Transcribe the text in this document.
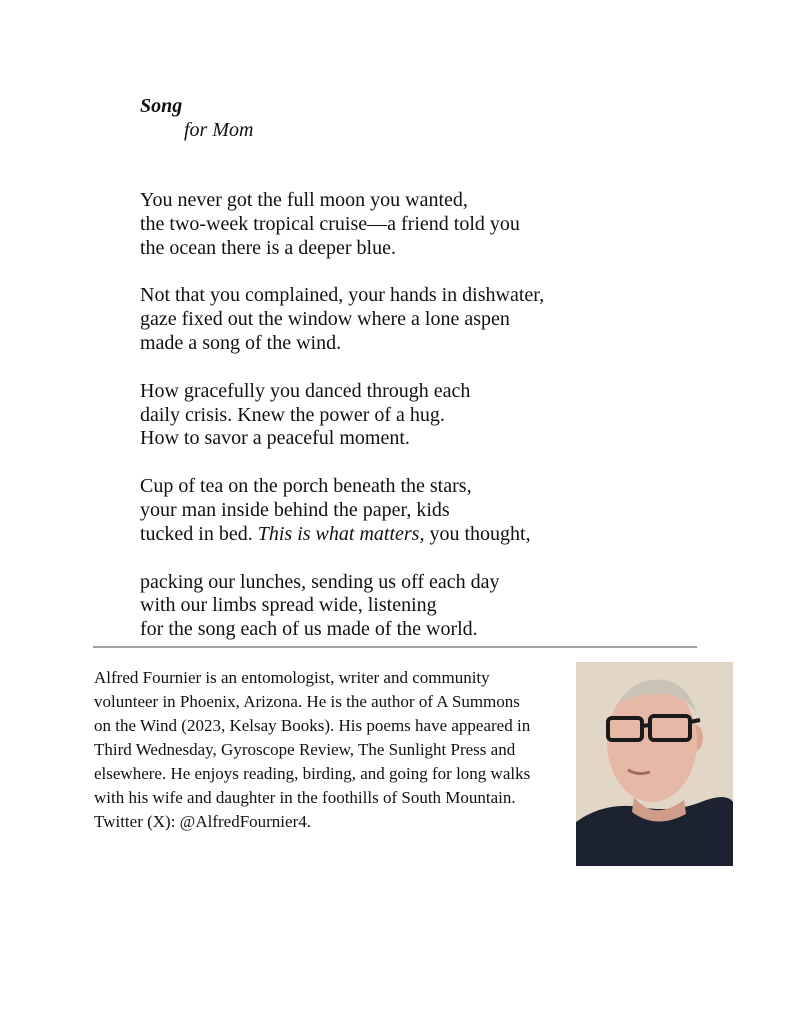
Song

for Mom

You never got the full moon you wanted,
the two-week tropical cruise—a friend told you
the ocean there is a deeper blue.
Not that you complained, your hands in dishwater,
gaze fixed out the window where a lone aspen
made a song of the wind.
How gracefully you danced through each
daily crisis. Knew the power of a hug.
How to savor a peaceful moment.
Cup of tea on the porch beneath the stars,
your man inside behind the paper, kids
tucked in bed. This is what matters, you thought,
packing our lunches, sending us off each day
with our limbs spread wide, listening
for the song each of us made of the world.

Alfred Fournier is an entomologist, writer and community
volunteer in Phoenix, Arizona. He is the author of A Summons
on the Wind (2023, Kelsay Books). His poems have appeared in
Third Wednesday, Gyroscope Review, The Sunlight Press and
elsewhere. He enjoys reading, birding, and going for long walks
with his wife and daughter in the foothills of South Mountain.
Twitter (X): @AlfredFournier4.
